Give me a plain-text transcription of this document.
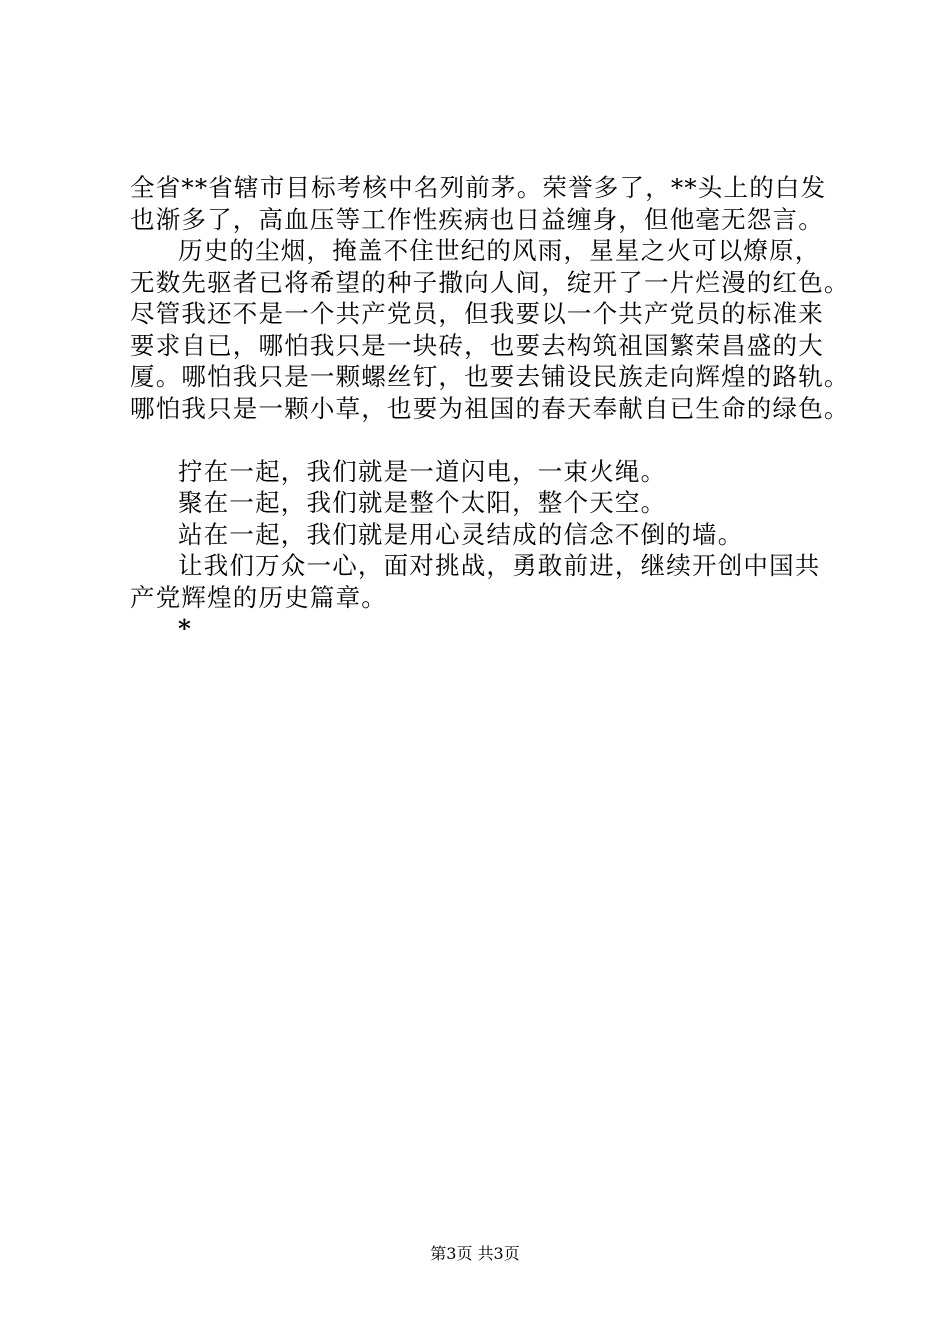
全省**省辖市目标考核中名列前茅。荣誉多了，**头上的白发
也渐多了，高血压等工作性疾病也日益缠身，但他毫无怨言。
历史的尘烟，掩盖不住世纪的风雨，星星之火可以燎原，
无数先驱者已将希望的种子撒向人间，绽开了一片烂漫的红色。
尽管我还不是一个共产党员，但我要以一个共产党员的标准来
要求自已，哪怕我只是一块砖，也要去构筑祖国繁荣昌盛的大
厦。哪怕我只是一颗螺丝钉，也要去铺设民族走向辉煌的路轨。
哪怕我只是一颗小草，也要为祖国的春天奉献自已生命的绿色。
拧在一起，我们就是一道闪电，一束火绳。
聚在一起，我们就是整个太阳，整个天空。
站在一起，我们就是用心灵结成的信念不倒的墙。
让我们万众一心，面对挑战，勇敢前进，继续开创中国共
产党辉煌的历史篇章。
*
第3页 共3页
